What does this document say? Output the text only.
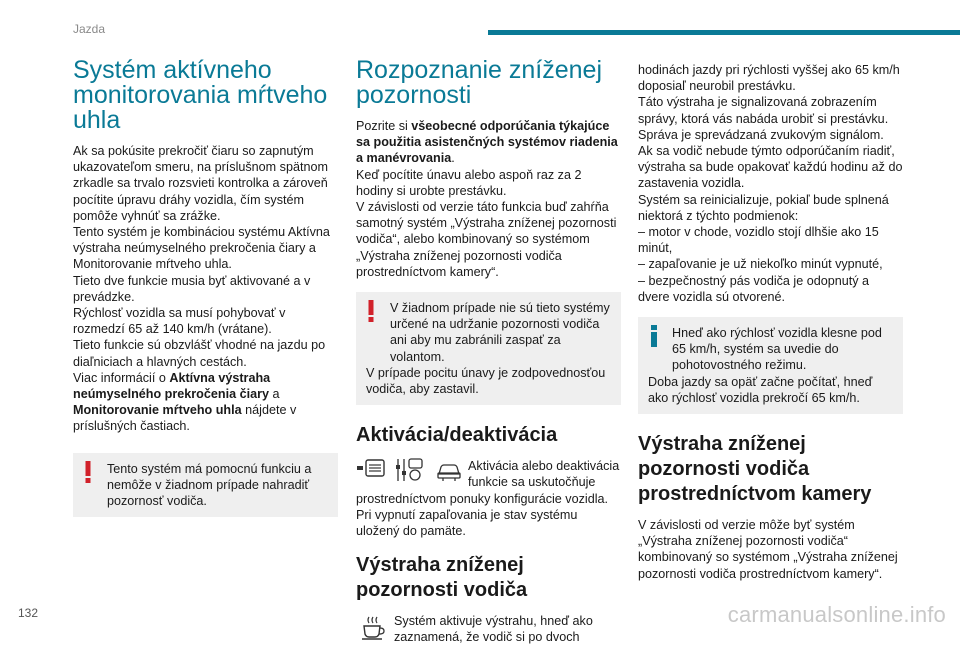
Jazda
Systém aktívneho monitorovania mŕtveho uhla

Ak sa pokúsite prekročiť čiaru so zapnutým ukazovateľom smeru, na príslušnom spätnom zrkadle sa trvalo rozsvieti kontrolka a zároveň pocítite úpravu dráhy vozidla, čím systém pomôže vyhnúť sa zrážke.

Tento systém je kombináciou systému Aktívna výstraha neúmyselného prekročenia čiary a Monitorovanie mŕtveho uhla.

Tieto dve funkcie musia byť aktivované a v prevádzke.

Rýchlosť vozidla sa musí pohybovať v rozmedzí 65 až 140 km/h (vrátane).

Tieto funkcie sú obzvlášť vhodné na jazdu po diaľniciach a hlavných cestách.

Viac informácií o Aktívna výstraha neúmyselného prekročenia čiary a Monitorovanie mŕtveho uhla nájdete v príslušných častiach.

Tento systém má pomocnú funkciu a nemôže v žiadnom prípade nahradiť pozornosť vodiča.

Rozpoznanie zníženej pozornosti

Pozrite si všeobecné odporúčania týkajúce sa použitia asistenčných systémov riadenia a manévrovania.

Keď pocítite únavu alebo aspoň raz za 2 hodiny si urobte prestávku.

V závislosti od verzie táto funkcia buď zahŕňa samotný systém „Výstraha zníženej pozornosti vodiča“, alebo kombinovaný so systémom „Výstraha zníženej pozornosti vodiča prostredníctvom kamery“.

V žiadnom prípade nie sú tieto systémy určené na udržanie pozornosti vodiča ani aby mu zabránili zaspať za volantom.

V prípade pocitu únavy je zodpovednosťou vodiča, aby zastavil.

Aktivácia/deaktivácia

Aktivácia alebo deaktivácia funkcie sa uskutočňuje

prostredníctvom ponuky konfigurácie vozidla.

Pri vypnutí zapaľovania je stav systému uložený do pamäte.

Výstraha zníženej pozornosti vodiča

Systém aktivuje výstrahu, hneď ako zaznamená, že vodič si po dvoch

hodinách jazdy pri rýchlosti vyššej ako 65 km/h doposiaľ neurobil prestávku.

Táto výstraha je signalizovaná zobrazením správy, ktorá vás nabáda urobiť si prestávku.

Správa je sprevádzaná zvukovým signálom.

Ak sa vodič nebude týmto odporúčaním riadiť, výstraha sa bude opakovať každú hodinu až do zastavenia vozidla.

Systém sa reinicializuje, pokiaľ bude splnená niektorá z týchto podmienok:

– motor v chode, vozidlo stojí dlhšie ako 15 minút,

– zapaľovanie je už niekoľko minút vypnuté,

– bezpečnostný pás vodiča je odopnutý a dvere vozidla sú otvorené.

Hneď ako rýchlosť vozidla klesne pod 65 km/h, systém sa uvedie do pohotovostného režimu.

Doba jazdy sa opäť začne počítať, hneď ako rýchlosť vozidla prekročí 65 km/h.

Výstraha zníženej pozornosti vodiča prostredníctvom kamery

V závislosti od verzie môže byť systém „Výstraha zníženej pozornosti vodiča“ kombinovaný so systémom „Výstraha zníženej pozornosti vodiča prostredníctvom kamery“.

132	carmanualsonline.info
